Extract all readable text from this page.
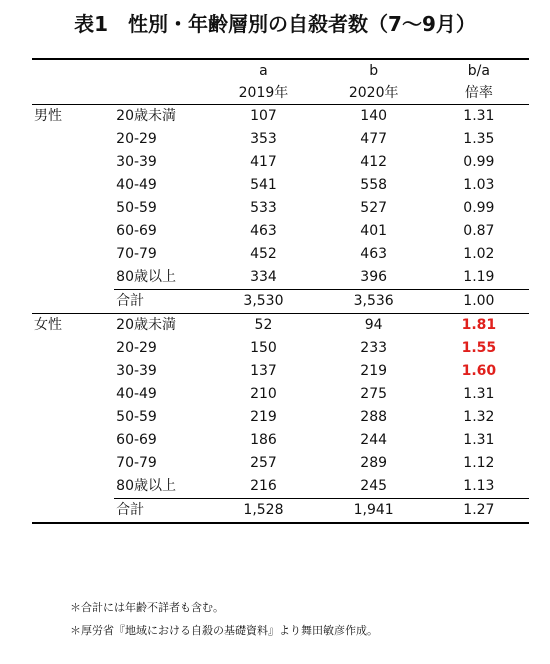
表1　性別・年齢層別の自殺者数（7～9月）
		a	b	b/a
		2019年	2020年	倍率
男性	20歳未満	107	140	1.31
	20-29	353	477	1.35
	30-39	417	412	0.99
	40-49	541	558	1.03
	50-59	533	527	0.99
	60-69	463	401	0.87
	70-79	452	463	1.02
	80歳以上	334	396	1.19
	合計	3,530	3,536	1.00
女性	20歳未満	52	94	1.81
	20-29	150	233	1.55
	30-39	137	219	1.60
	40-49	210	275	1.31
	50-59	219	288	1.32
	60-69	186	244	1.31
	70-79	257	289	1.12
	80歳以上	216	245	1.13
	合計	1,528	1,941	1.27
＊合計には年齢不詳者も含む。
＊厚労省『地域における自殺の基礎資料』より舞田敏彦作成。
